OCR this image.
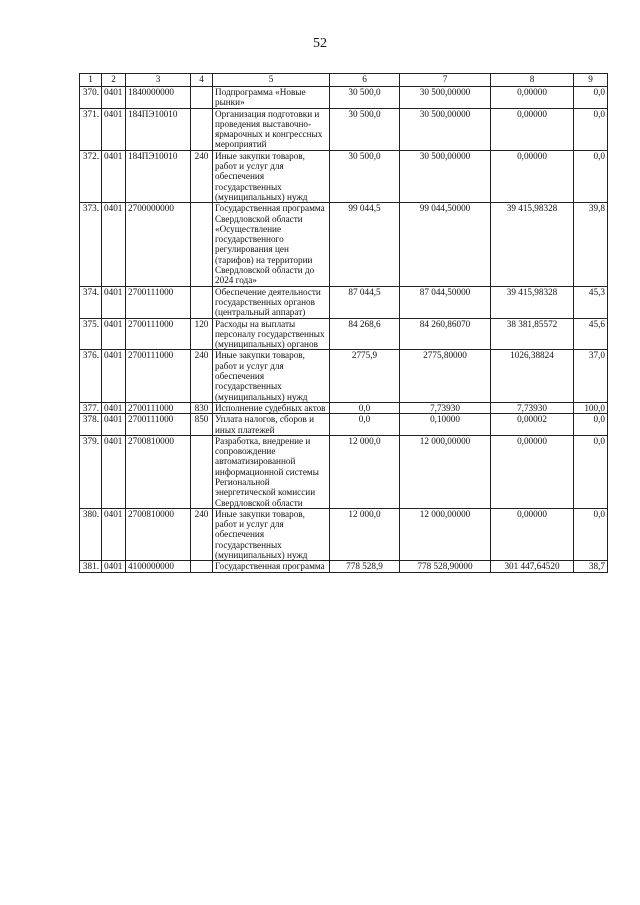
52
1	2	3	4	5	6	7	8	9
370.	0401	1840000000		Подпрограмма «Новые рынки»	30 500,0	30 500,00000	0,00000	0,0
371.	0401	184ПЭ10010		Организация подготовки и проведения выставочно-ярмарочных и конгрессных мероприятий	30 500,0	30 500,00000	0,00000	0,0
372.	0401	184ПЭ10010	240	Иные закупки товаров, работ и услуг для обеспечения государственных (муниципальных) нужд	30 500,0	30 500,00000	0,00000	0,0
373.	0401	2700000000		Государственная программа Свердловской области «Осуществление государственного регулирования цен (тарифов) на территории Свердловской области до 2024 года»	99 044,5	99 044,50000	39 415,98328	39,8
374.	0401	2700111000		Обеспечение деятельности государственных органов (центральный аппарат)	87 044,5	87 044,50000	39 415,98328	45,3
375.	0401	2700111000	120	Расходы на выплаты персоналу государственных (муниципальных) органов	84 268,6	84 260,86070	38 381,85572	45,6
376.	0401	2700111000	240	Иные закупки товаров, работ и услуг для обеспечения государственных (муниципальных) нужд	2775,9	2775,80000	1026,38824	37,0
377.	0401	2700111000	830	Исполнение судебных актов	0,0	7,73930	7,73930	100,0
378.	0401	2700111000	850	Уплата налогов, сборов и иных платежей	0,0	0,10000	0,00002	0,0
379.	0401	2700810000		Разработка, внедрение и сопровождение автоматизированной информационной системы Региональной энергетической комиссии Свердловской области	12 000,0	12 000,00000	0,00000	0,0
380.	0401	2700810000	240	Иные закупки товаров, работ и услуг для обеспечения государственных (муниципальных) нужд	12 000,0	12 000,00000	0,00000	0,0
381.	0401	4100000000		Государственная программа	778 528,9	778 528,90000	301 447,64520	38,7
